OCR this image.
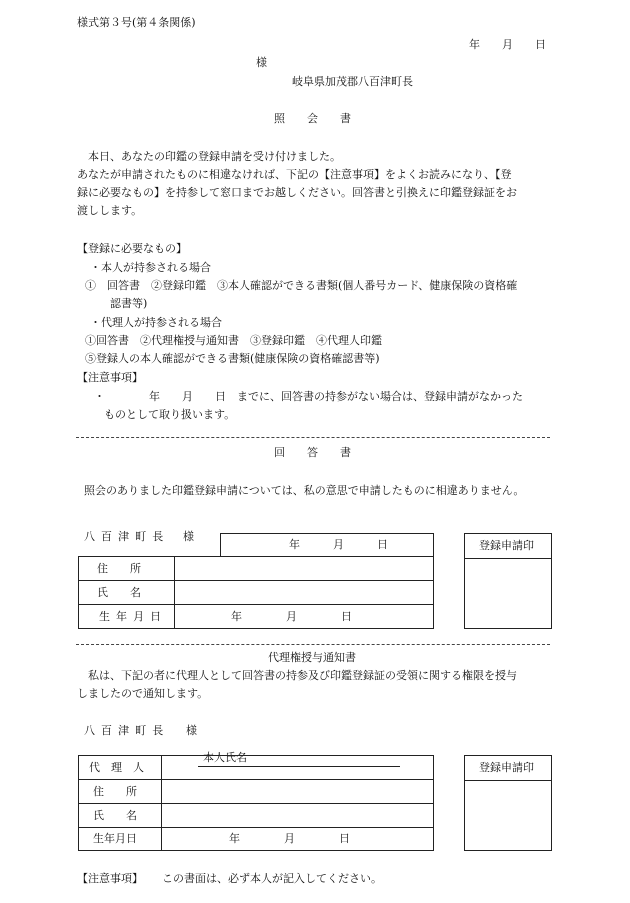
様式第３号(第４条関係)
年　　月　　日
様
岐阜県加茂郡八百津町長
照　　会　　書
　本日、あなたの印鑑の登録申請を受け付けました。
あなたが申請されたものに相違なければ、下記の【注意事項】をよくお読みになり、【登
録に必要なもの】を持参して窓口までお越しください。回答書と引換えに印鑑登録証をお
渡しします。
【登録に必要なもの】
・本人が持参される場合
①　回答書　②登録印鑑　③本人確認ができる書類(個人番号カード、健康保険の資格確
認書等)
・代理人が持参される場合
①回答書　②代理権授与通知書　③登録印鑑　④代理人印鑑
⑤登録人の本人確認ができる書類(健康保険の資格確認書等)
【注意事項】
・	年　　月　　日　までに、回答書の持参がない場合は、登録申請がなかった
ものとして取り扱います。
回　　答　　書
照会のありました印鑑登録申請については、私の意思で申請したものに相違ありません。
八百津町長 様
年　　　月　　　日
住　　所
氏　　名
生年月日	年　　　　月　　　　日
登録申請印
代理権授与通知書
　私は、下記の者に代理人として回答書の持参及び印鑑登録証の受領に関する権限を授与
しましたので通知します。
八百津町長 様
本人氏名
代　理　人
住　　所
氏　　名
生年月日	年　　　　月　　　　日
登録申請印
【注意事項】 この書面は、必ず本人が記入してください。
